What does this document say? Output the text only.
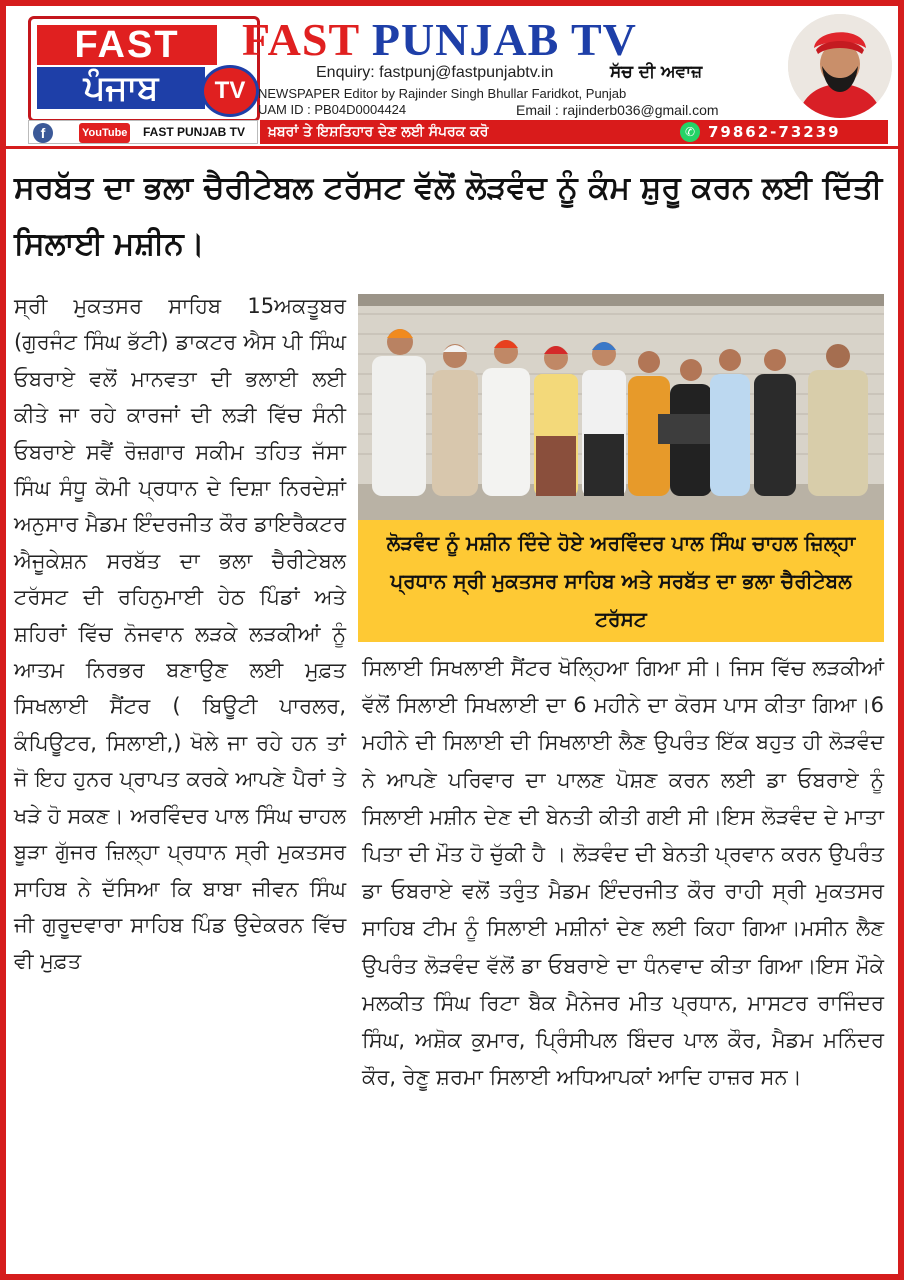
FAST
ਪੰਜਾਬ	TV
FAST PUNJAB TV
Enquiry: fastpunj@fastpunjabtv.in	ਸੱਚ ਦੀ ਅਵਾਜ਼
NEWSPAPER Editor by Rajinder Singh Bhullar Faridkot, Punjab
UAM ID : PB04D0004424	Email : rajinderb036@gmail.com
f	YouTube FAST PUNJAB TV	ਖ਼ਬਰਾਂ ਤੇ ਇਸ਼ਤਿਹਾਰ ਦੇਣ ਲਈ ਸੰਪਰਕ ਕਰੋ	✆ 79862-73239
ਸਰਬੱਤ ਦਾ ਭਲਾ ਚੈਰੀਟੇਬਲ ਟਰੱਸਟ ਵੱਲੋਂ ਲੋੜਵੰਦ ਨੂੰ ਕੰਮ ਸ਼ੁਰੂ ਕਰਨ ਲਈ ਦਿੱਤੀ ਸਿਲਾਈ ਮਸ਼ੀਨ।
ਸ੍ਰੀ ਮੁਕਤਸਰ ਸਾਹਿਬ 15ਅਕਤੂਬਰ (ਗੁਰਜੰਟ ਸਿੰਘ ਭੱਟੀ) ਡਾਕਟਰ ਐਸ ਪੀ ਸਿੰਘ ਓਬਰਾਏ ਵਲੋਂ ਮਾਨਵਤਾ ਦੀ ਭਲਾਈ ਲਈ ਕੀਤੇ ਜਾ ਰਹੇ ਕਾਰਜਾਂ ਦੀ ਲੜੀ ਵਿੱਚ ਸੰਨੀ ਓਬਰਾਏ ਸਵੈਂ ਰੋਜ਼ਗਾਰ ਸਕੀਮ ਤਹਿਤ ਜੱਸਾ ਸਿੰਘ ਸੰਧੂ ਕੋਮੀ ਪ੍ਰਧਾਨ ਦੇ ਦਿਸ਼ਾ ਨਿਰਦੇਸ਼ਾਂ ਅਨੁਸਾਰ ਮੈਡਮ ਇੰਦਰਜੀਤ ਕੌਰ ਡਾਇਰੈਕਟਰ ਐਜੂਕੇਸ਼ਨ ਸਰਬੱਤ ਦਾ ਭਲਾ ਚੈਰੀਟੇਬਲ ਟਰੱਸਟ ਦੀ ਰਹਿਨੁਮਾਈ ਹੇਠ ਪਿੰਡਾਂ ਅਤੇ ਸ਼ਹਿਰਾਂ ਵਿੱਚ ਨੋਜਵਾਨ ਲੜਕੇ ਲੜਕੀਆਂ ਨੂੰ ਆਤਮ ਨਿਰਭਰ ਬਣਾਉਣ ਲਈ ਮੁਫ਼ਤ ਸਿਖਲਾਈ ਸੈਂਟਰ ( ਬਿਊਟੀ ਪਾਰਲਰ, ਕੰਪਿਊਟਰ, ਸਿਲਾਈ,) ਖੋਲੇ ਜਾ ਰਹੇ ਹਨ ਤਾਂ ਜੋ ਇਹ ਹੁਨਰ ਪ੍ਰਾਪਤ ਕਰਕੇ ਆਪਣੇ ਪੈਰਾਂ ਤੇ ਖੜੇ ਹੋ ਸਕਣ। ਅਰਵਿੰਦਰ ਪਾਲ ਸਿੰਘ ਚਾਹਲ ਬੂੜਾ ਗੁੱਜਰ ਜ਼ਿਲ੍ਹਾ ਪ੍ਰਧਾਨ ਸ੍ਰੀ ਮੁਕਤਸਰ ਸਾਹਿਬ ਨੇ ਦੱਸਿਆ ਕਿ ਬਾਬਾ ਜੀਵਨ ਸਿੰਘ ਜੀ ਗੁਰੂਦਵਾਰਾ ਸਾਹਿਬ ਪਿੰਡ ਉਦੇਕਰਨ ਵਿੱਚ ਵੀ ਮੁਫ਼ਤ
ਲੋੜਵੰਦ ਨੂੰ ਮਸ਼ੀਨ ਦਿੰਦੇ ਹੋਏ ਅਰਵਿੰਦਰ ਪਾਲ ਸਿੰਘ ਚਾਹਲ ਜ਼ਿਲ੍ਹਾ ਪ੍ਰਧਾਨ ਸ੍ਰੀ ਮੁਕਤਸਰ ਸਾਹਿਬ ਅਤੇ ਸਰਬੱਤ ਦਾ ਭਲਾ ਚੈਰੀਟੇਬਲ ਟਰੱਸਟ
ਸਿਲਾਈ ਸਿਖਲਾਈ ਸੈਂਟਰ ਖੋਲ੍ਹਿਆ ਗਿਆ ਸੀ। ਜਿਸ ਵਿੱਚ ਲੜਕੀਆਂ ਵੱਲੋਂ ਸਿਲਾਈ ਸਿਖਲਾਈ ਦਾ 6 ਮਹੀਨੇ ਦਾ ਕੋਰਸ ਪਾਸ ਕੀਤਾ ਗਿਆ।6 ਮਹੀਨੇ ਦੀ ਸਿਲਾਈ ਦੀ ਸਿਖਲਾਈ ਲੈਣ ਉਪਰੰਤ ਇੱਕ ਬਹੁਤ ਹੀ ਲੋੜਵੰਦ ਨੇ ਆਪਣੇ ਪਰਿਵਾਰ ਦਾ ਪਾਲਣ ਪੋਸ਼ਣ ਕਰਨ ਲਈ ਡਾ ਓਬਰਾਏ ਨੂੰ ਸਿਲਾਈ ਮਸ਼ੀਨ ਦੇਣ ਦੀ ਬੇਨਤੀ ਕੀਤੀ ਗਈ ਸੀ।ਇਸ ਲੋੜਵੰਦ ਦੇ ਮਾਤਾ ਪਿਤਾ ਦੀ ਮੌਤ ਹੋ ਚੁੱਕੀ ਹੈ । ਲੋੜਵੰਦ ਦੀ ਬੇਨਤੀ ਪ੍ਰਵਾਨ ਕਰਨ ਉਪਰੰਤ ਡਾ ਓਬਰਾਏ ਵਲੋਂ ਤਰੁੰਤ ਮੈਡਮ ਇੰਦਰਜੀਤ ਕੌਰ ਰਾਹੀ ਸ੍ਰੀ ਮੁਕਤਸਰ ਸਾਹਿਬ ਟੀਮ ਨੂੰ ਸਿਲਾਈ ਮਸ਼ੀਨਾਂ ਦੇਣ ਲਈ ਕਿਹਾ ਗਿਆ।ਮਸੀਨ ਲੈਣ ਉਪਰੰਤ ਲੋੜਵੰਦ ਵੱਲੋਂ ਡਾ ਓਬਰਾਏ ਦਾ ਧੰਨਵਾਦ ਕੀਤਾ ਗਿਆ।ਇਸ ਮੌਕੇ ਮਲਕੀਤ ਸਿੰਘ ਰਿਟਾ ਬੈਕ ਮੈਨੇਜਰ ਮੀਤ ਪ੍ਰਧਾਨ, ਮਾਸਟਰ ਰਾਜਿੰਦਰ ਸਿੰਘ, ਅਸ਼ੋਕ ਕੁਮਾਰ, ਪ੍ਰਿੰਸੀਪਲ ਬਿੰਦਰ ਪਾਲ ਕੌਰ, ਮੈਡਮ ਮਨਿੰਦਰ ਕੌਰ, ਰੇਣੂ ਸ਼ਰਮਾ ਸਿਲਾਈ ਅਧਿਆਪਕਾਂ ਆਦਿ ਹਾਜ਼ਰ ਸਨ।
